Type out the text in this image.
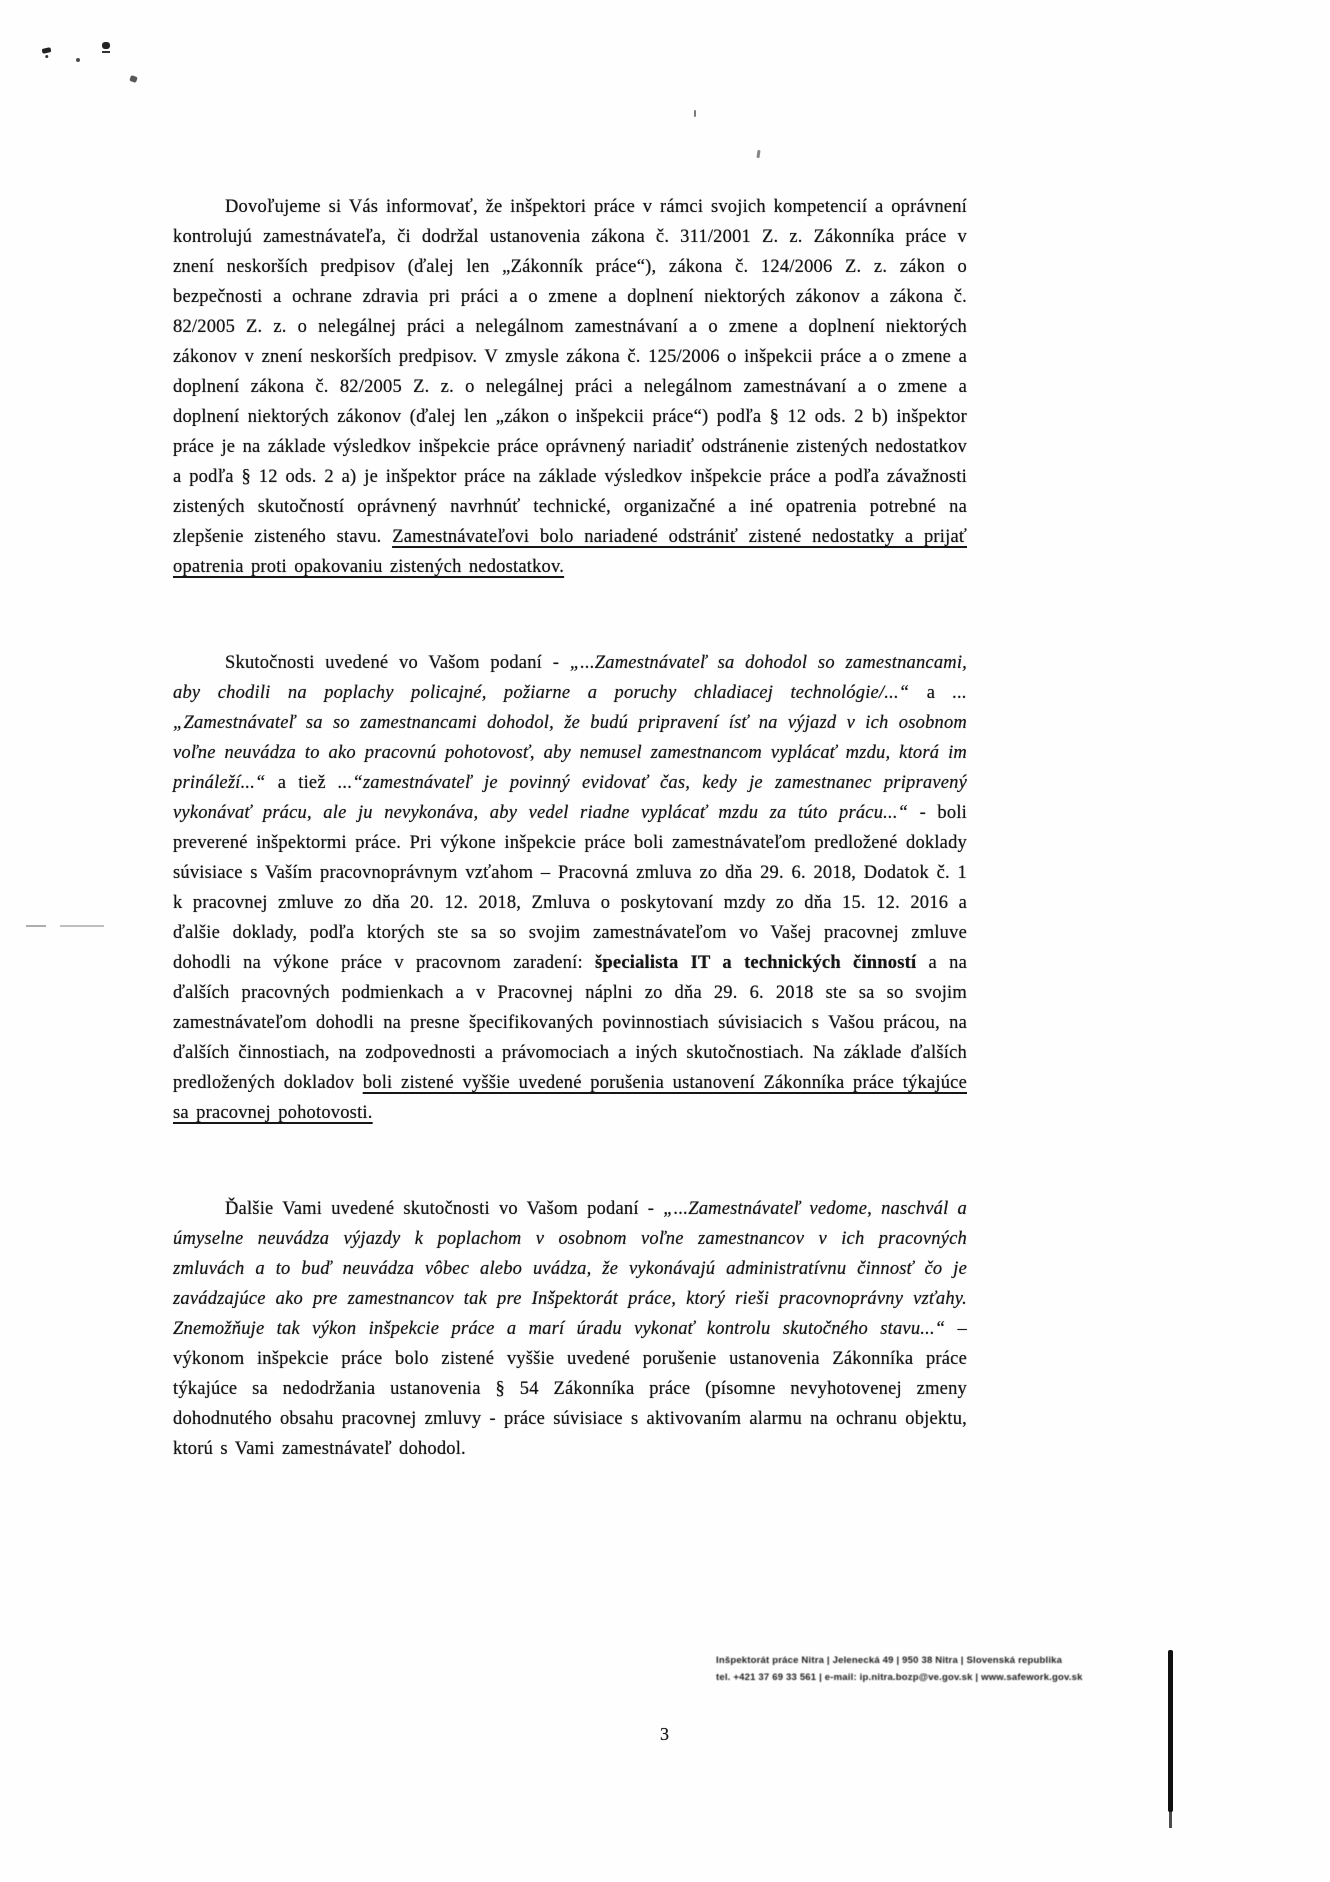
Dovoľujeme si Vás informovať, že inšpektori práce v rámci svojich kompetencií a oprávnení kontrolujú zamestnávateľa, či dodržal ustanovenia zákona č. 311/2001 Z. z. Zákonníka práce v znení neskorších predpisov (ďalej len „Zákonník práce“), zákona č. 124/2006 Z. z. zákon o bezpečnosti a ochrane zdravia pri práci a o zmene a doplnení niektorých zákonov a zákona č. 82/2005 Z. z. o nelegálnej práci a nelegálnom zamestnávaní a o zmene a doplnení niektorých zákonov v znení neskorších predpisov. V zmysle zákona č. 125/2006 o inšpekcii práce a o zmene a doplnení zákona č. 82/2005 Z. z. o nelegálnej práci a nelegálnom zamestnávaní a o zmene a doplnení niektorých zákonov (ďalej len „zákon o inšpekcii práce“) podľa § 12 ods. 2 b) inšpektor práce je na základe výsledkov inšpekcie práce oprávnený nariadiť odstránenie zistených nedostatkov a podľa § 12 ods. 2 a) je inšpektor práce na základe výsledkov inšpekcie práce a podľa závažnosti zistených skutočností oprávnený navrhnúť technické, organizačné a iné opatrenia potrebné na zlepšenie zisteného stavu. Zamestnávateľovi bolo nariadené odstrániť zistené nedostatky a prijať opatrenia proti opakovaniu zistených nedostatkov.

Skutočnosti uvedené vo Vašom podaní - „...Zamestnávateľ sa dohodol so zamestnancami, aby chodili na poplachy policajné, požiarne a poruchy chladiacej technológie/...“ a ...„Zamestnávateľ sa so zamestnancami dohodol, že budú pripravení ísť na výjazd v ich osobnom voľne neuvádza to ako pracovnú pohotovosť, aby nemusel zamestnancom vyplácať mzdu, ktorá im prináleží...“ a tiež ...“zamestnávateľ je povinný evidovať čas, kedy je zamestnanec pripravený vykonávať prácu, ale ju nevykonáva, aby vedel riadne vyplácať mzdu za túto prácu...“ - boli preverené inšpektormi práce. Pri výkone inšpekcie práce boli zamestnávateľom predložené doklady súvisiace s Vaším pracovnoprávnym vzťahom – Pracovná zmluva zo dňa 29. 6. 2018, Dodatok č. 1 k pracovnej zmluve zo dňa 20. 12. 2018, Zmluva o poskytovaní mzdy zo dňa 15. 12. 2016 a ďalšie doklady, podľa ktorých ste sa so svojim zamestnávateľom vo Vašej pracovnej zmluve dohodli na výkone práce v pracovnom zaradení: špecialista IT a technických činností a na ďalších pracovných podmienkach a v Pracovnej náplni zo dňa 29. 6. 2018 ste sa so svojim zamestnávateľom dohodli na presne špecifikovaných povinnostiach súvisiacich s Vašou prácou, na ďalších činnostiach, na zodpovednosti a právomociach a iných skutočnostiach. Na základe ďalších predložených dokladov boli zistené vyššie uvedené porušenia ustanovení Zákonníka práce týkajúce sa pracovnej pohotovosti.

Ďalšie Vami uvedené skutočnosti vo Vašom podaní - „...Zamestnávateľ vedome, naschvál a úmyselne neuvádza výjazdy k poplachom v osobnom voľne zamestnancov v ich pracovných zmluvách a to buď neuvádza vôbec alebo uvádza, že vykonávajú administratívnu činnosť čo je zavádzajúce ako pre zamestnancov tak pre Inšpektorát práce, ktorý rieši pracovnoprávny vzťahy. Znemožňuje tak výkon inšpekcie práce a marí úradu vykonať kontrolu skutočného stavu...“ – výkonom inšpekcie práce bolo zistené vyššie uvedené porušenie ustanovenia Zákonníka práce týkajúce sa nedodržania ustanovenia § 54 Zákonníka práce (písomne nevyhotovenej zmeny dohodnutého obsahu pracovnej zmluvy - práce súvisiace s aktivovaním alarmu na ochranu objektu, ktorú s Vami zamestnávateľ dohodol.

Inšpektorát práce Nitra | Jelenecká 49 | 950 38 Nitra | Slovenská republika
tel. +421 37 69 33 561 | e-mail: ip.nitra.bozp@ve.gov.sk | www.safework.gov.sk
3
